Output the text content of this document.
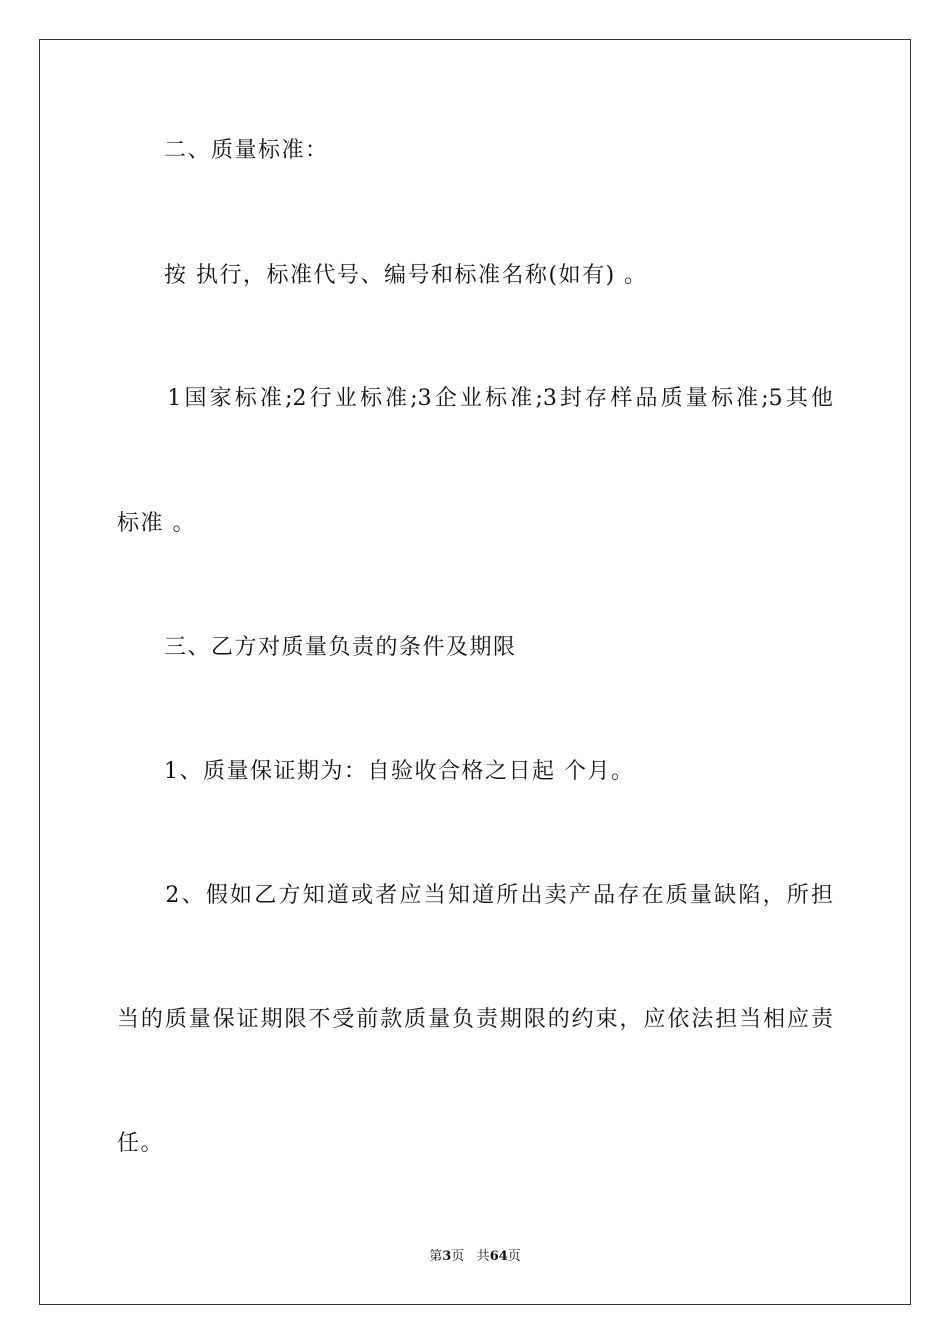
　　二、质量标准：
　　按 执行，标准代号、编号和标准名称(如有) 。
　　1国家标准;2行业标准;3企业标准;3封存样品质量标准;5其他
标准 。
　　三、乙方对质量负责的条件及期限
　　1、质量保证期为：自验收合格之日起 个月。
　　2、假如乙方知道或者应当知道所出卖产品存在质量缺陷，所担
当的质量保证期限不受前款质量负责期限的约束，应依法担当相应责
任。
第3页 共64页
